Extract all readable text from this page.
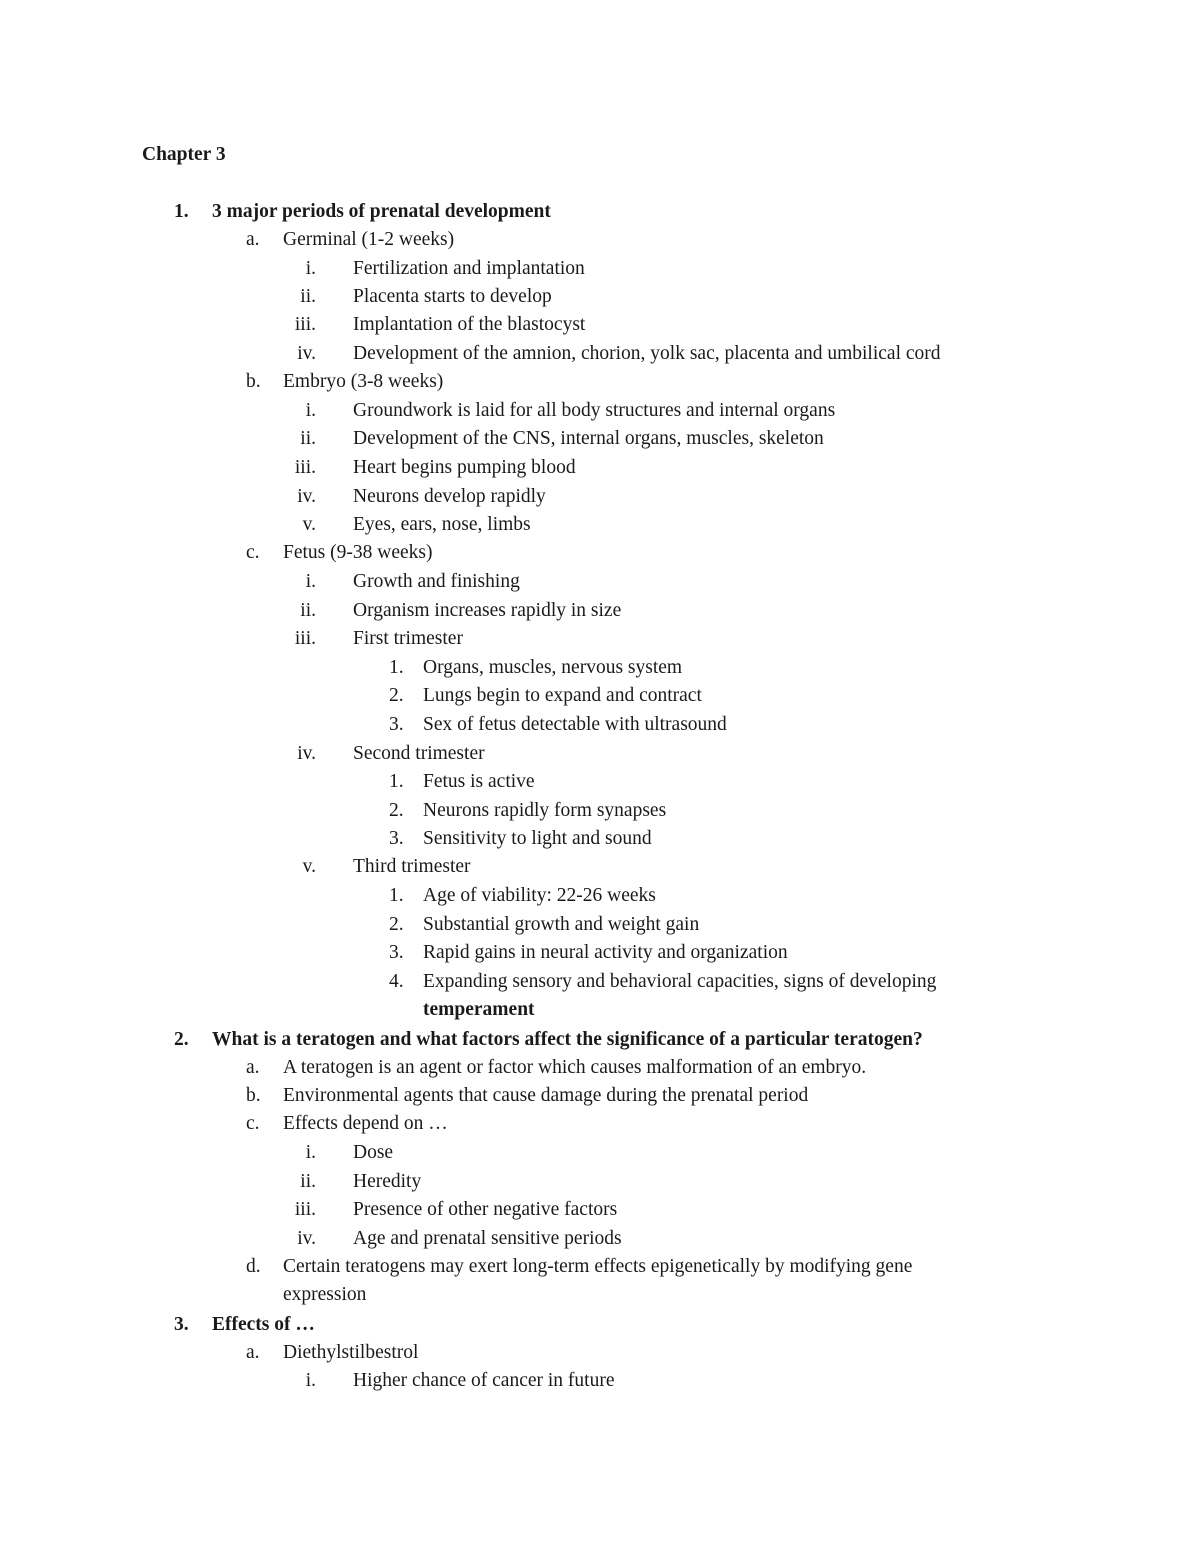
Chapter 3
1. 3 major periods of prenatal development
a. Germinal (1-2 weeks)
i. Fertilization and implantation
ii. Placenta starts to develop
iii. Implantation of the blastocyst
iv. Development of the amnion, chorion, yolk sac, placenta and umbilical cord
b. Embryo (3-8 weeks)
i. Groundwork is laid for all body structures and internal organs
ii. Development of the CNS, internal organs, muscles, skeleton
iii. Heart begins pumping blood
iv. Neurons develop rapidly
v. Eyes, ears, nose, limbs
c. Fetus (9-38 weeks)
i. Growth and finishing
ii. Organism increases rapidly in size
iii. First trimester
1. Organs, muscles, nervous system
2. Lungs begin to expand and contract
3. Sex of fetus detectable with ultrasound
iv. Second trimester
1. Fetus is active
2. Neurons rapidly form synapses
3. Sensitivity to light and sound
v. Third trimester
1. Age of viability: 22-26 weeks
2. Substantial growth and weight gain
3. Rapid gains in neural activity and organization
4. Expanding sensory and behavioral capacities, signs of developing
temperament
2. What is a teratogen and what factors affect the significance of a particular teratogen?
a. A teratogen is an agent or factor which causes malformation of an embryo.
b. Environmental agents that cause damage during the prenatal period
c. Effects depend on …
i. Dose
ii. Heredity
iii. Presence of other negative factors
iv. Age and prenatal sensitive periods
d. Certain teratogens may exert long-term effects epigenetically by modifying gene
expression
3. Effects of …
a. Diethylstilbestrol
i. Higher chance of cancer in future
